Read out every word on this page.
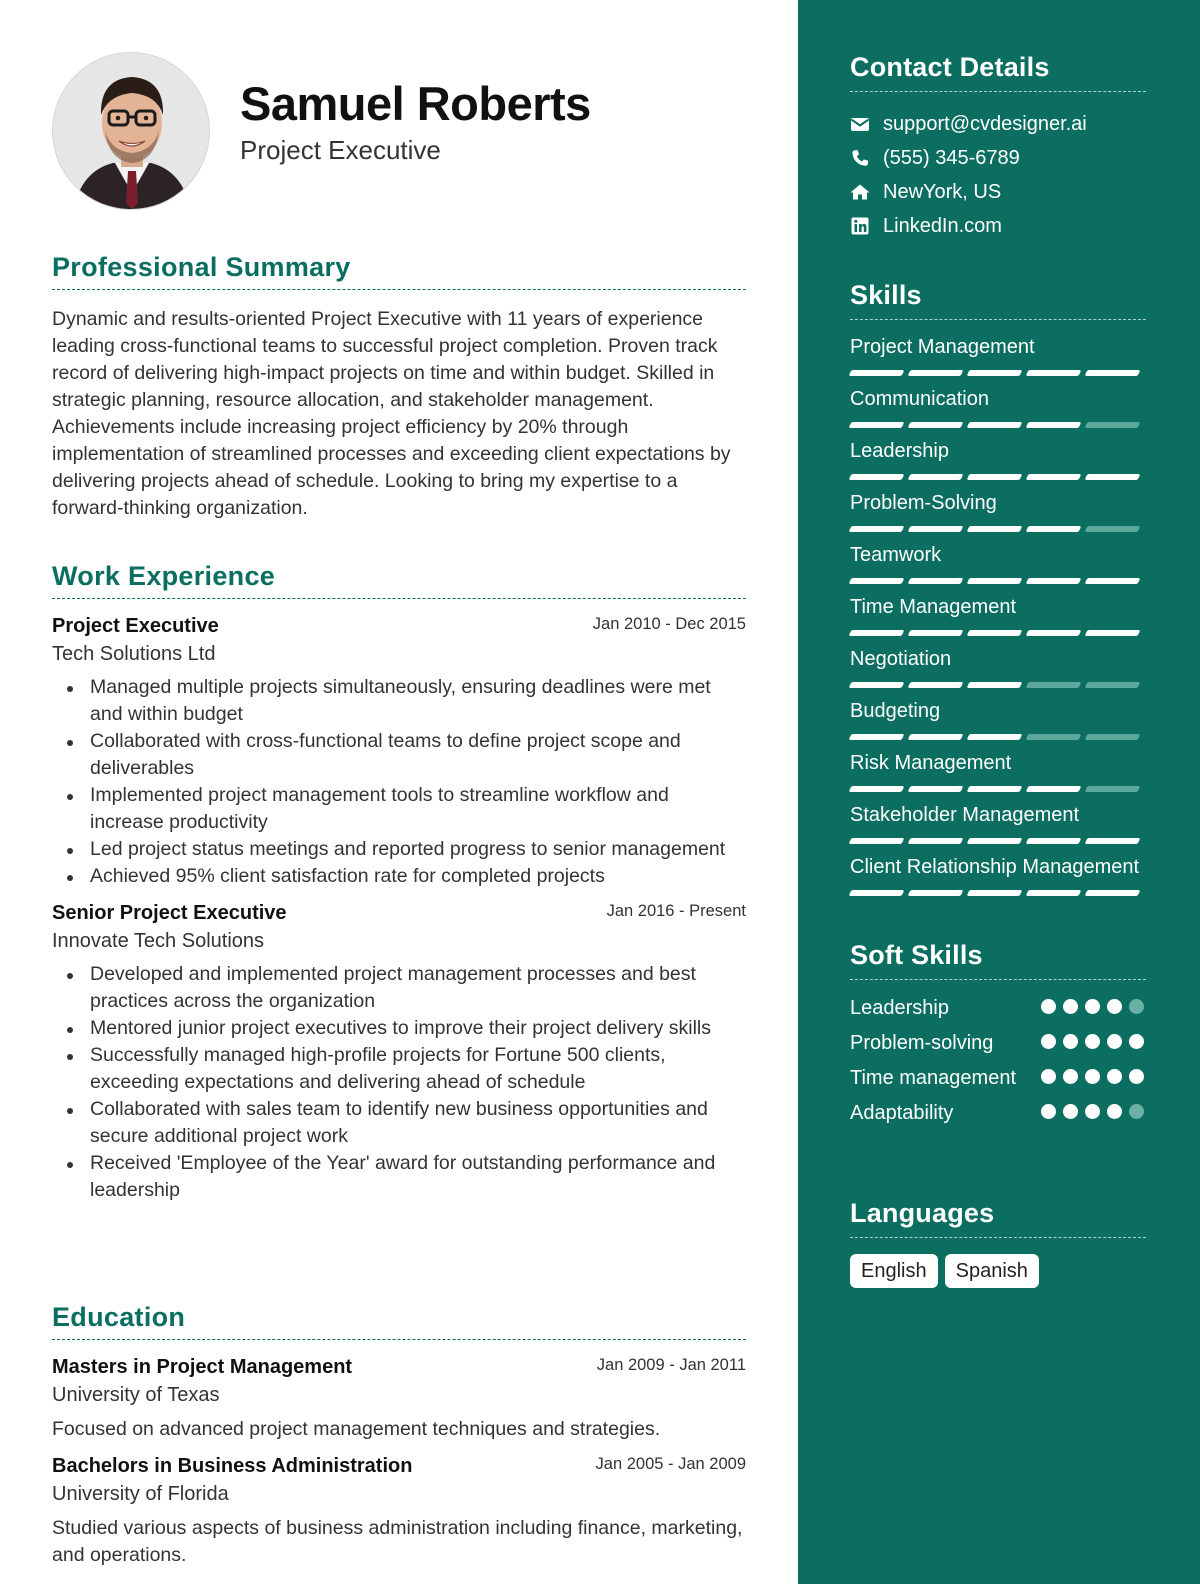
Samuel Roberts
Project Executive
Professional Summary

Dynamic and results-oriented Project Executive with 11 years of experience leading cross-functional teams to successful project completion. Proven track record of delivering high-impact projects on time and within budget. Skilled in strategic planning, resource allocation, and stakeholder management. Achievements include increasing project efficiency by 20% through implementation of streamlined processes and exceeding client expectations by delivering projects ahead of schedule. Looking to bring my expertise to a forward-thinking organization.

Work Experience
Project Executive	Jan 2010 - Dec 2015
Tech Solutions Ltd
Managed multiple projects simultaneously, ensuring deadlines were met and within budget
Collaborated with cross-functional teams to define project scope and deliverables
Implemented project management tools to streamline workflow and increase productivity
Led project status meetings and reported progress to senior management
Achieved 95% client satisfaction rate for completed projects
Senior Project Executive	Jan 2016 - Present
Innovate Tech Solutions
Developed and implemented project management processes and best practices across the organization
Mentored junior project executives to improve their project delivery skills
Successfully managed high-profile projects for Fortune 500 clients, exceeding expectations and delivering ahead of schedule
Collaborated with sales team to identify new business opportunities and secure additional project work
Received 'Employee of the Year' award for outstanding performance and leadership
Education
Masters in Project Management	Jan 2009 - Jan 2011
University of Texas

Focused on advanced project management techniques and strategies.

Bachelors in Business Administration	Jan 2005 - Jan 2009
University of Florida

Studied various aspects of business administration including finance, marketing, and operations.

Contact Details
support@cvdesigner.ai
(555) 345-6789
NewYork, US
LinkedIn.com
Skills
Project Management
Communication
Leadership
Problem-Solving
Teamwork
Time Management
Negotiation
Budgeting
Risk Management
Stakeholder Management
Client Relationship Management
Soft Skills
Leadership
Problem-solving
Time management
Adaptability
Languages
English	Spanish
